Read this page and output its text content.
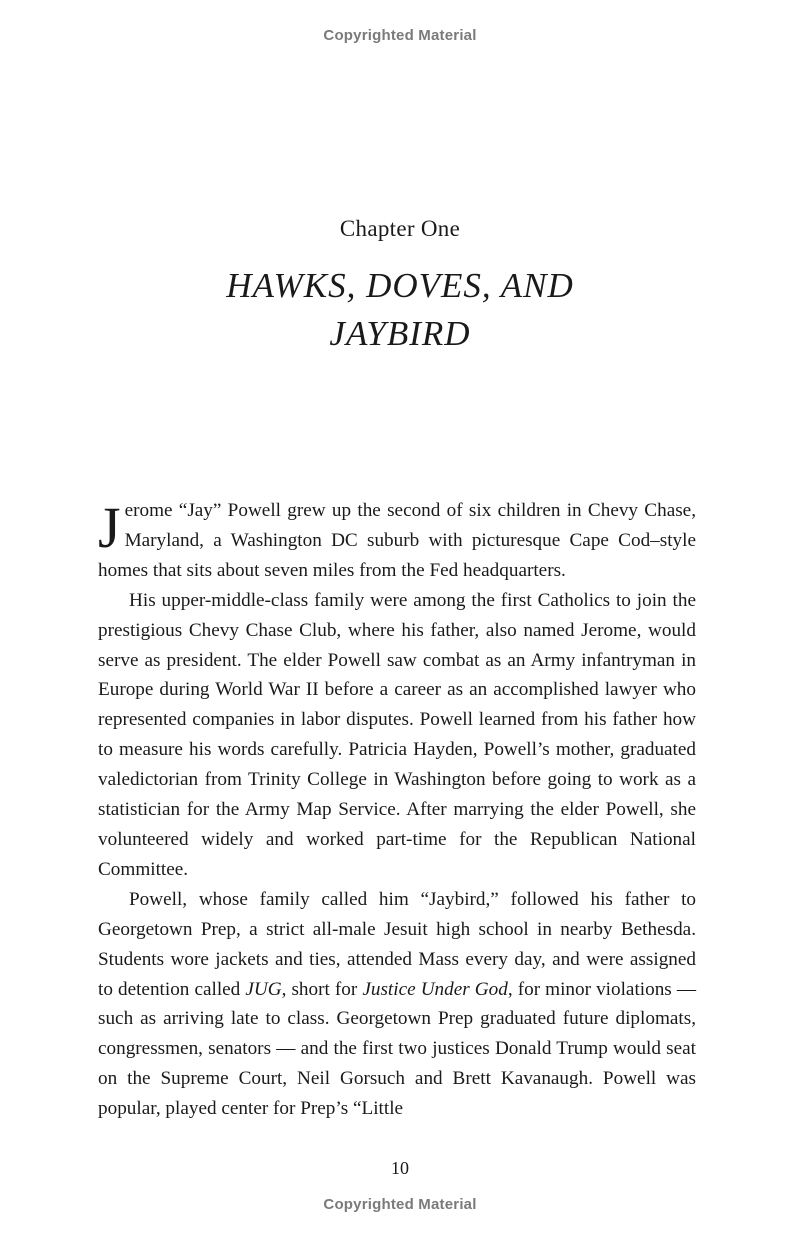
Copyrighted Material
Chapter One
HAWKS, DOVES, AND
JAYBIRD

Jerome “Jay” Powell grew up the second of six children in Chevy Chase, Maryland, a Washington DC suburb with picturesque Cape Cod–style homes that sits about seven miles from the Fed headquarters.

His upper-middle-class family were among the first Catholics to join the prestigious Chevy Chase Club, where his father, also named Jerome, would serve as president. The elder Powell saw combat as an Army infantryman in Europe during World War II before a career as an accomplished lawyer who represented companies in labor disputes. Powell learned from his father how to measure his words carefully. Patricia Hayden, Powell’s mother, graduated valedictorian from Trinity College in Washington before going to work as a statistician for the Army Map Service. After marrying the elder Powell, she volunteered widely and worked part-time for the Republican National Committee.

Powell, whose family called him “Jaybird,” followed his father to Georgetown Prep, a strict all-male Jesuit high school in nearby Bethesda. Students wore jackets and ties, attended Mass every day, and were assigned to detention called JUG, short for Justice Under God, for minor violations — such as arriving late to class. Georgetown Prep graduated future diplomats, congressmen, senators — and the first two justices Donald Trump would seat on the Supreme Court, Neil Gorsuch and Brett Kavanaugh. Powell was popular, played center for Prep’s “Little

10
Copyrighted Material
